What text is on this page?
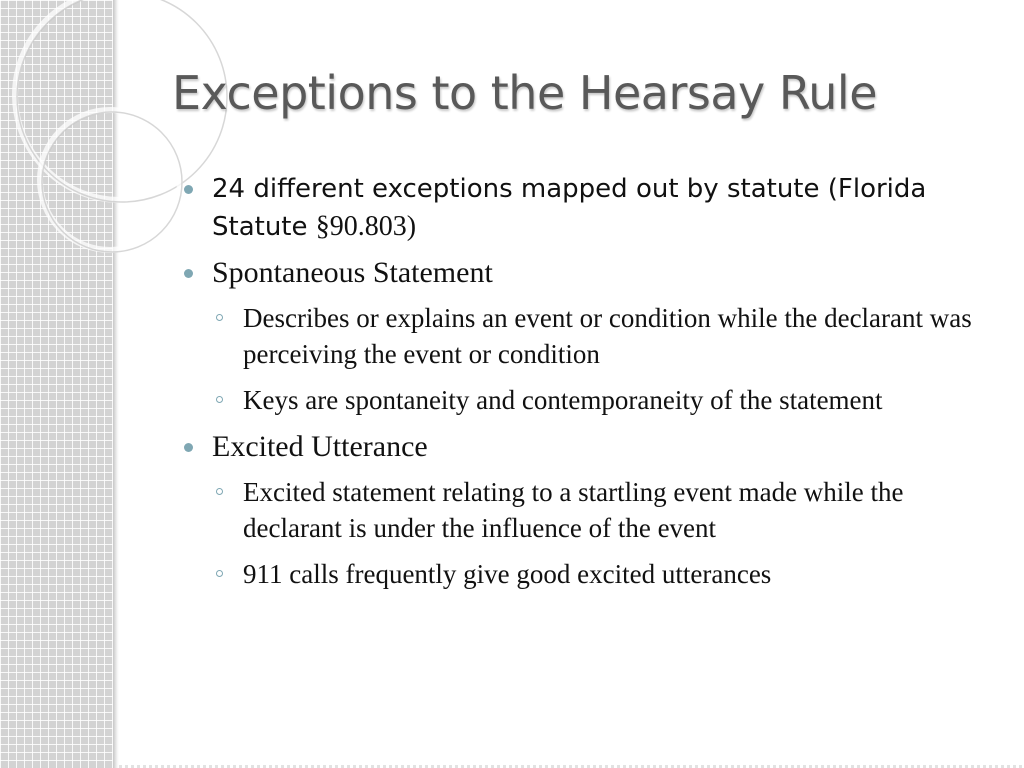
Exceptions to the Hearsay Rule
24 different exceptions mapped out by statute (Florida Statute §90.803)
Spontaneous Statement
Describes or explains an event or condition while the declarant was perceiving the event or condition
Keys are spontaneity and contemporaneity of the statement
Excited Utterance
Excited statement relating to a startling event made while the declarant is under the influence of the event
911 calls frequently give good excited utterances
